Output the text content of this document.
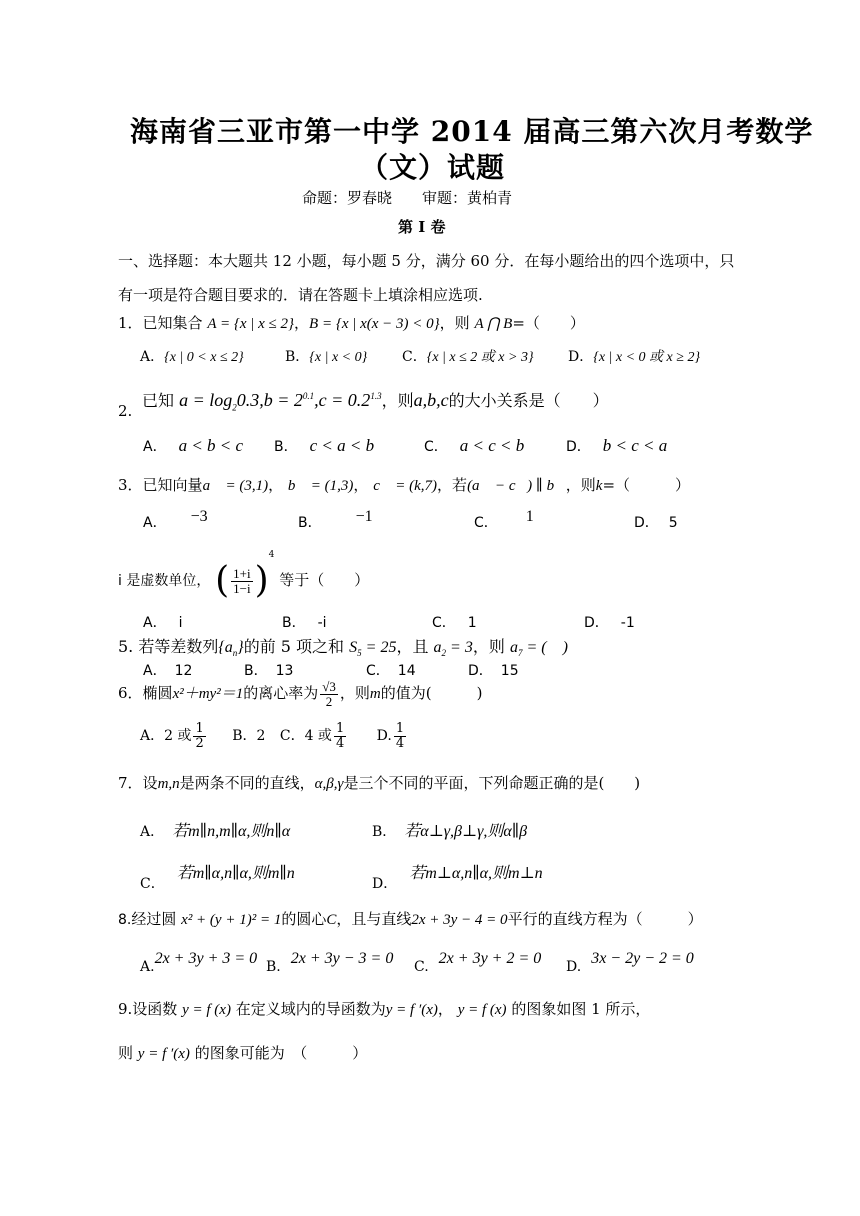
海南省三亚市第一中学 2014 届高三第六次月考数学
（文）试题
命题：罗春晓　　审题：黄柏青
第 Ⅰ 卷
一、选择题：本大题共 12 小题，每小题 5 分，满分 60 分．在每小题给出的四个选项中，只
有一项是符合题目要求的．请在答题卡上填涂相应选项.
1．已知集合 A = {x | x ≤ 2}，B = {x | x(x − 3) < 0}，则 A ⋂ B=（　　）
A．{x | 0 < x ≤ 2}	B．{x | x < 0} C．{x | x ≤ 2 或 x > 3} D．{x | x < 0 或 x ≥ 2}
2.
已知 $a = \log_20.3,b = 2^{0.1},c = 0.2^{1.3}$，则a,b,c的大小关系是（　　）
A． a < b < c B． c < a < b	C． a < c < b	D． b < c < a
3．已知向量a⃗ = (3,1)， b⃗ = (1,3)， c⃗ = (k,7)，若(a⃗ − c⃗) ∥ b⃗，则k=（　　　）
A． −3	B． −1	C． 1	D． 5
i 是虚数单位， ( $\frac{1+i}{1-i} )^4$ 等于（　　）
A． i	B． -i	C． 1	D． -1
5. 若等差数列$\{a_n\}$的前 5 项之和 $S_5 = 25$，且 $a_2 = 3$，则 $a_7$ = (　)
A． 12	B． 13	C． 14	D． 15
6．椭圆x²＋my²＝1的离心率为 $\frac{√3}{2}$ ，则m的值为(　　　)
A．2 或 $\frac{1}{2}$ B．2 C．4 或 $\frac{1}{4} D$. $\frac{1}{4}$
7．设m,n是两条不同的直线，α,β,γ是三个不同的平面，下列命题正确的是(　　)
A． 若m∥n,m∥α,则n∥α	B． 若α⊥γ,β⊥γ,则α∥β
C．若m∥α,n∥α,则m∥n
D．若m⊥α,n∥α,则m⊥n
8.经过圆 x² + (y + 1)² = 1的圆心C，且与直线2x + 3y − 4 = 0平行的直线方程为（　　　）
A.2x + 3y + 3 = 0 B. 2x + 3y − 3 = 0 C. 2x + 3y + 2 = 0 D. 3x − 2y − 2 = 0
9.设函数 y = f (x) 在定义域内的导函数为y = f ′(x)， y = f (x) 的图象如图 1 所示，
则 y = f ′(x) 的图象可能为　（　　　）
